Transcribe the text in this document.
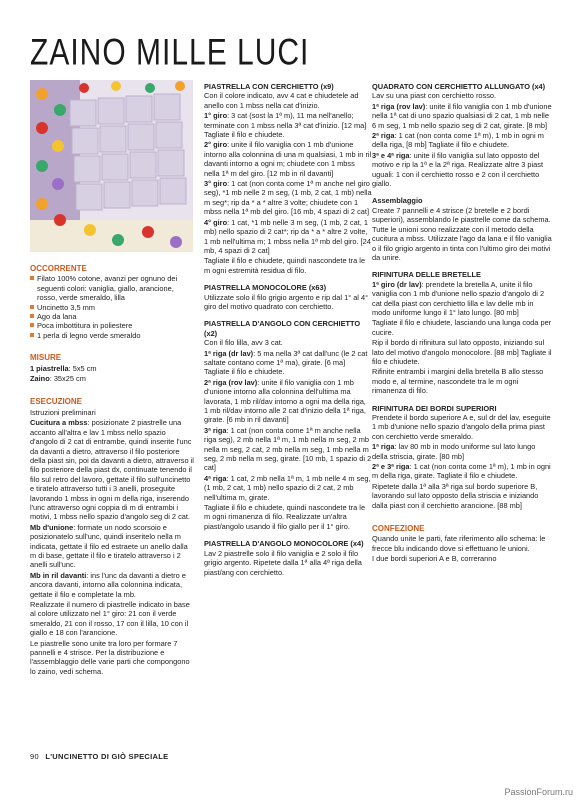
ZAINO MILLE LUCI
OCCORRENTE
Filato 100% cotone, avanzi per ognuno dei seguenti colori: vaniglia, giallo, arancione, rosso, verde smeraldo, lilla
Uncinetto 3,5 mm
Ago da lana
Poca imbottitura in poliestere
1 perla di legno verde smeraldo
MISURE

1 piastrella: 5x5 cm

Zaino: 35x25 cm

ESECUZIONE

Istruzioni preliminari

Cucitura a mbss: posizionate 2 piastrelle una accanto all'altra e lav 1 mbss nello spazio d'angolo di 2 cat di entrambe, quindi inserite l'unc da davanti a dietro, attraverso il filo posteriore della piast sin, poi da davanti a dietro, attraverso il filo posteriore della piast dx, continuate tenendo il filo sul retro del lavoro, gettate il filo sull'uncinetto e tiratelo attraverso tutti i 3 anelli, proseguite lavorando 1 mbss in ogni m della riga, inserendo l'unc attraverso ogni coppia di m di entrambi i motivi, 1 mbss nello spazio d'angolo seg di 2 cat.

Mb d'unione: formate un nodo scorsoio e posizionatelo sull'unc, quindi inseritelo nella m indicata, gettate il filo ed estraete un anello dalla m di base, gettate il filo e tiratelo attraverso i 2 anelli sull'unc.

Mb in ril davanti: ins l'unc da davanti a dietro e ancora davanti, intorno alla colonnina indicata, gettate il filo e completate la mb.

Realizzate il numero di piastrelle indicato in base al colore utilizzato nel 1° giro: 21 con il verde smeraldo, 21 con il rosso, 17 con il lilla, 10 con il giallo e 18 con l'arancione.

Le piastrelle sono unite tra loro per formare 7 pannelli e 4 strisce. Per la distribuzione e l'assemblaggio delle varie parti che compongono lo zaino, vedi schema.

PIASTRELLA CON CERCHIETTO (x9)

Con il colore indicato, avv 4 cat e chiudetele ad anello con 1 mbss nella cat d'inizio.

1° giro: 3 cat (sost la 1ª m), 11 ma nell'anello; terminate con 1 mbss nella 3ª cat d'inizio. [12 ma] Tagliate il filo e chiudete.

2° giro: unite il filo vaniglia con 1 mb d'unione intorno alla colonnina di una m qualsiasi, 1 mb in ril davanti intorno a ogni m; chiudete con 1 mbss nella 1ª m del giro. [12 mb in ril davanti]

3° giro: 1 cat (non conta come 1ª m anche nel giro seg), *1 mb nelle 2 m seg, (1 mb, 2 cat, 1 mb) nella m seg*; rip da * a * altre 3 volte; chiudete con 1 mbss nella 1ª mb del giro. [16 mb, 4 spazi di 2 cat]

4° giro: 1 cat, *1 mb nelle 3 m seg, (1 mb, 2 cat, 1 mb) nello spazio di 2 cat*; rip da * a * altre 2 volte, 1 mb nell'ultima m; 1 mbss nella 1ª mb del giro. [24 mb, 4 spazi di 2 cat]

Tagliate il filo e chiudete, quindi nascondete tra le m ogni estremità residua di filo.

PIASTRELLA MONOCOLORE (x63)

Utilizzate solo il filo grigio argento e rip dal 1° al 4° giro del motivo quadrato con cerchietto.

PIASTRELLA D'ANGOLO CON CERCHIETTO (x2)

Con il filo lilla, avv 3 cat.

1ª riga (dr lav): 5 ma nella 3ª cat dall'unc (le 2 cat saltate contano come 1ª ma), girate. [6 ma] Tagliate il filo e chiudete.

2ª riga (rov lav): unite il filo vaniglia con 1 mb d'unione intorno alla colonnina dell'ultima ma lavorata, 1 mb ril/dav intorno a ogni ma della riga, 1 mb ril/dav intorno alle 2 cat d'inizio della 1ª riga, girate. [6 mb in ril davanti]

3ª riga: 1 cat (non conta come 1ª m anche nella riga seg), 2 mb nella 1ª m, 1 mb nella m seg, 2 mb nella m seg, 2 cat, 2 mb nella m seg, 1 mb nella m seg, 2 mb nella m seg, girate. [10 mb, 1 spazio di 2 cat]

4ª riga: 1 cat, 2 mb nella 1ª m, 1 mb nelle 4 m seg, (1 mb, 2 cat, 1 mb) nello spazio di 2 cat, 2 mb nell'ultima m, girate.

Tagliate il filo e chiudete, quindi nascondete tra le m ogni rimanenza di filo. Realizzate un'altra piast/angolo usando il filo giallo per il 1° giro.

PIASTRELLA D'ANGOLO MONOCOLORE (x4)

Lav 2 piastrelle solo il filo vaniglia e 2 solo il filo grigio argento. Ripetete dalla 1ª alla 4ª riga della piast/ang con cerchietto.

QUADRATO CON CERCHIETTO ALLUNGATO (x4)

Lav su una piast con cerchietto rosso.

1ª riga (rov lav): unite il filo vaniglia con 1 mb d'unione nella 1ª cat di uno spazio qualsiasi di 2 cat, 1 mb nelle 6 m seg, 1 mb nello spazio seg di 2 cat, girate. [8 mb]

2ª riga: 1 cat (non conta come 1ª m), 1 mb in ogni m della riga, [8 mb] Tagliate il filo e chiudete.

3ª e 4ª riga: unite il filo vaniglia sul lato opposto del motivo e rip la 1ª e la 2ª riga. Realizzate altre 3 piast uguali: 1 con il cerchietto rosso e 2 con il cerchietto giallo.

Assemblaggio

Create 7 pannelli e 4 strisce (2 bretelle e 2 bordi superiori), assemblando le piastrelle come da schema. Tutte le unioni sono realizzate con il metodo della cucitura a mbss. Utilizzate l'ago da lana e il filo vaniglia o il filo grigio argento in tinta con l'ultimo giro dei motivi da unire.

RIFINITURA DELLE BRETELLE

1ª giro (dr lav): prendete la bretella A, unite il filo vaniglia con 1 mb d'unione nello spazio d'angolo di 2 cat della piast con cerchietto lilla e lav delle mb in modo uniforme lungo il 1° lato lungo. [80 mb]

Tagliate il filo e chiudete, lasciando una lunga coda per cucire.

Rip il bordo di rifinitura sul lato opposto, iniziando sul lato del motivo d'angolo monocolore. [88 mb] Tagliate il filo e chiudete.

Rifinite entrambi i margini della bretella B allo stesso modo e, al termine, nascondete tra le m ogni rimanenza di filo.

RIFINITURA DEI BORDI SUPERIORI

Prendete il bordo superiore A e, sul dr del lav, eseguite 1 mb d'unione nello spazio d'angolo della prima piast con cerchietto verde smeraldo.

1ª riga: lav 80 mb in modo uniforme sul lato lungo della striscia, girate. [80 mb]

2ª e 3ª riga: 1 cat (non conta come 1ª m), 1 mb in ogni m della riga, girate. Tagliate il filo e chiudete.

Ripetete dalla 1ª alla 3ª riga sul bordo superiore B, lavorando sul lato opposto della striscia e iniziando dalla piast con il cerchietto arancione. [88 mb]

CONFEZIONE

Quando unite le parti, fate riferimento allo schema: le frecce blu indicando dove si effettuano le unioni.

I due bordi superiori A e B, correranno

90 L'UNCINETTO DI GIÒ SPECIALE
PassionForum.ru
